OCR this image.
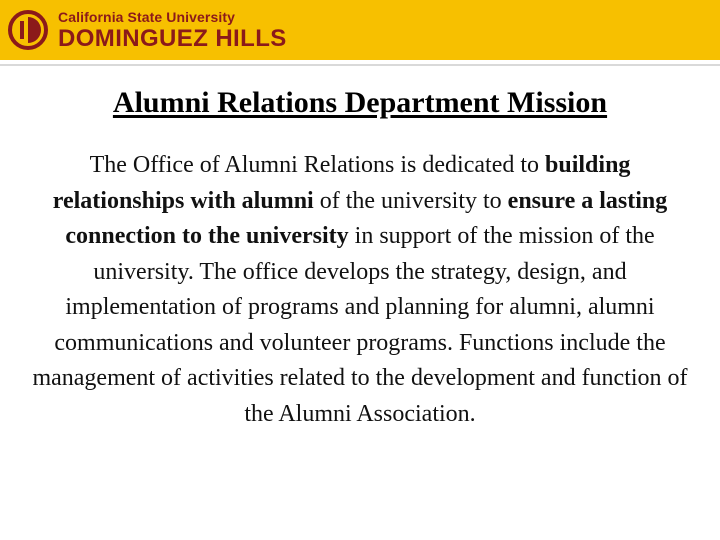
California State University
DOMINGUEZ HILLS
Alumni Relations Department Mission

The Office of Alumni Relations is dedicated to building relationships with alumni of the university to ensure a lasting connection to the university in support of the mission of the university. The office develops the strategy, design, and implementation of programs and planning for alumni, alumni communications and volunteer programs. Functions include the management of activities related to the development and function of the Alumni Association.
